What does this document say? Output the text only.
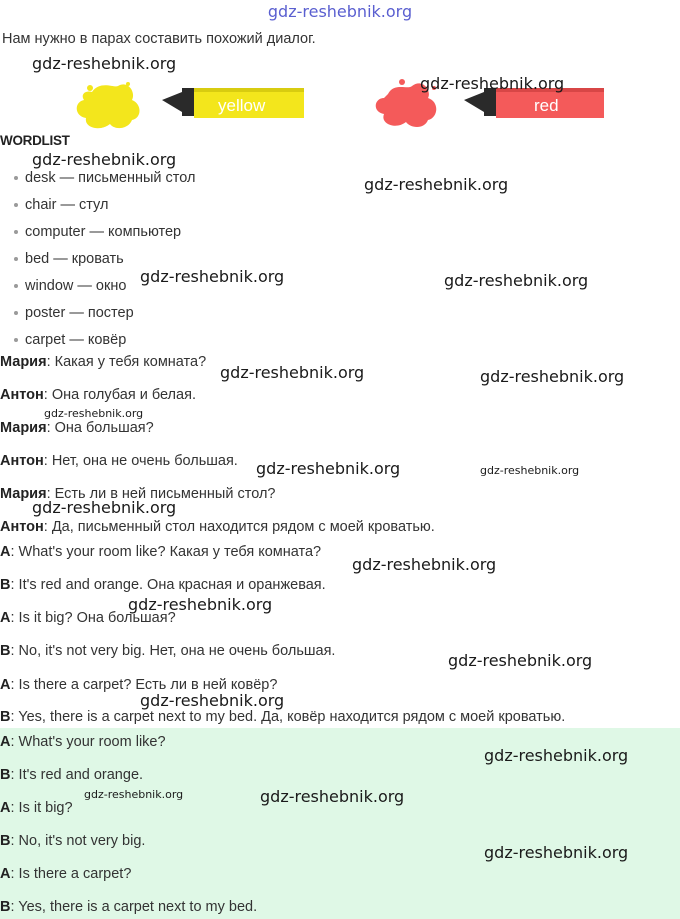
gdz-reshebnik.org
Нам нужно в парах составить похожий диалог.
yellow	red
WORDLIST
desk — письменный стол
chair — стул
computer — компьютер
bed — кровать
window — окно
poster — постер
carpet — ковёр
Мария: Какая у тебя комната?
Антон: Она голубая и белая.
Мария: Она большая?
Антон: Нет, она не очень большая.
Мария: Есть ли в ней письменный стол?
Антон: Да, письменный стол находится рядом с моей кроватью.
A: What's your room like? Какая у тебя комната?
B: It's red and orange. Она красная и оранжевая.
A: Is it big? Она большая?
B: No, it's not very big. Нет, она не очень большая.
A: Is there a carpet? Есть ли в ней ковёр?
B: Yes, there is a carpet next to my bed. Да, ковёр находится рядом с моей кроватью.
A: What's your room like?
B: It's red and orange.
A: Is it big?
B: No, it's not very big.
A: Is there a carpet?
B: Yes, there is a carpet next to my bed.
gdz-reshebnik.org
gdz-reshebnik.org
gdz-reshebnik.org
gdz-reshebnik.org
gdz-reshebnik.org	gdz-reshebnik.org
gdz-reshebnik.org	gdz-reshebnik.org
gdz-reshebnik.org
gdz-reshebnik.org	gdz-reshebnik.org
gdz-reshebnik.org
gdz-reshebnik.org
gdz-reshebnik.org
gdz-reshebnik.org
gdz-reshebnik.org
gdz-reshebnik.org
gdz-reshebnik.org	gdz-reshebnik.org
gdz-reshebnik.org
